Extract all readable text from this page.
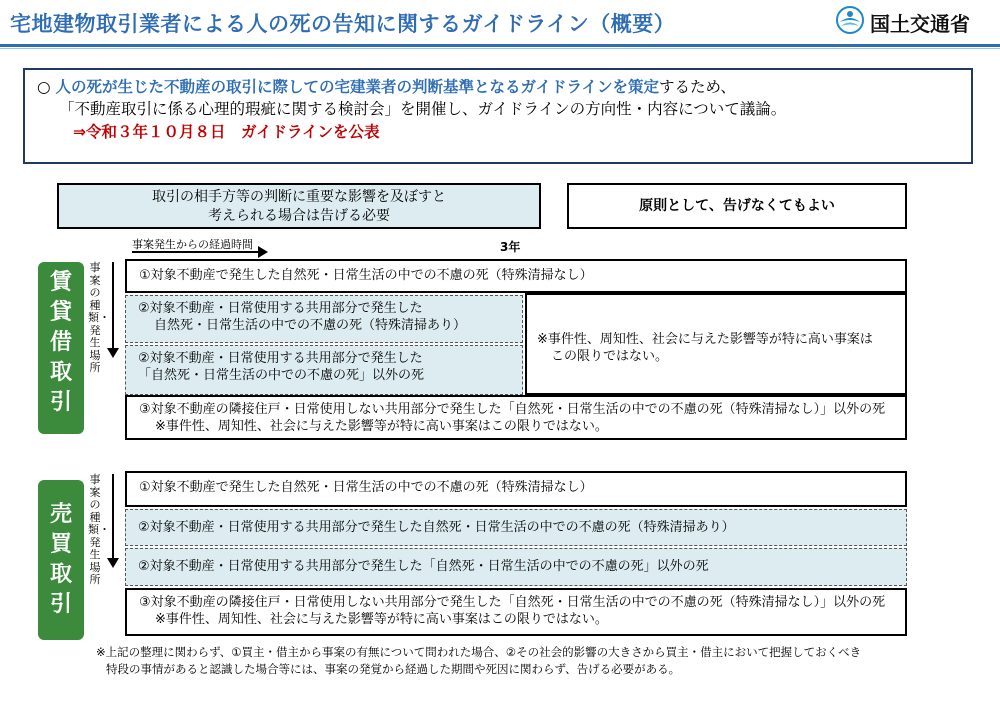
宅地建物取引業者による人の死の告知に関するガイドライン（概要）	国土交通省
○ 人の死が生じた不動産の取引に際しての宅建業者の判断基準となるガイドラインを策定するため、
「不動産取引に係る心理的瑕疵に関する検討会」を開催し、ガイドラインの方向性・内容について議論。
⇒令和３年１０月８日　ガイドラインを公表
取引の相手方等の判断に重要な影響を及ぼすと
考えられる場合は告げる必要
原則として、告げなくてもよい
事案発生からの経過時間	3年
賃貸借取引
事案の種類・発生場所
①対象不動産で発生した自然死・日常生活の中での不慮の死（特殊清掃なし）
②対象不動産・日常使用する共用部分で発生した
自然死・日常生活の中での不慮の死（特殊清掃あり）
②対象不動産・日常使用する共用部分で発生した
「自然死・日常生活の中での不慮の死」以外の死
※事件性、周知性、社会に与えた影響等が特に高い事案は
この限りではない。
③対象不動産の隣接住戸・日常使用しない共用部分で発生した「自然死・日常生活の中での不慮の死（特殊清掃なし）」以外の死
※事件性、周知性、社会に与えた影響等が特に高い事案はこの限りではない。
売買取引
事案の種類・発生場所
①対象不動産で発生した自然死・日常生活の中での不慮の死（特殊清掃なし）
②対象不動産・日常使用する共用部分で発生した自然死・日常生活の中での不慮の死（特殊清掃あり）
②対象不動産・日常使用する共用部分で発生した「自然死・日常生活の中での不慮の死」以外の死
③対象不動産の隣接住戸・日常使用しない共用部分で発生した「自然死・日常生活の中での不慮の死（特殊清掃なし）」以外の死
※事件性、周知性、社会に与えた影響等が特に高い事案はこの限りではない。
※上記の整理に関わらず、①買主・借主から事案の有無について問われた場合、②その社会的影響の大きさから買主・借主において把握しておくべき
特段の事情があると認識した場合等には、事案の発覚から経過した期間や死因に関わらず、告げる必要がある。
